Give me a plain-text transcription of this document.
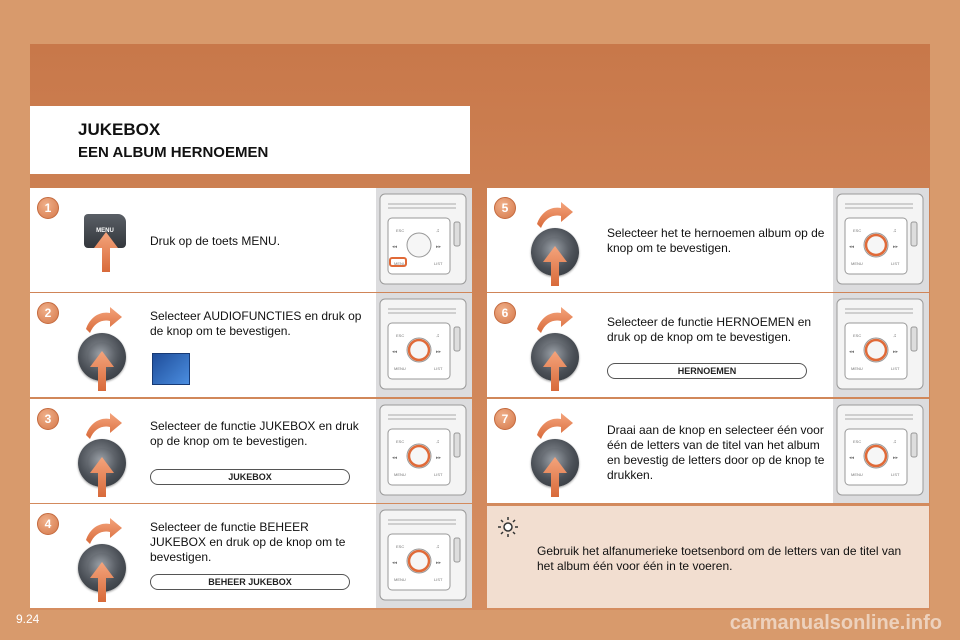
JUKEBOX
EEN ALBUM HERNOEMEN
1
MENU
Druk op de toets MENU.
2	Selecteer AUDIOFUNCTIES en druk op de knop om te bevestigen.
3	Selecteer de functie JUKEBOX en druk op de knop om te bevestigen.
JUKEBOX
4	Selecteer de functie BEHEER JUKEBOX en druk op de knop om te bevestigen.
BEHEER JUKEBOX
5
Selecteer het te hernoemen album op de knop om te bevestigen.
6
Selecteer de functie HERNOEMEN en druk op de knop om te bevestigen.
HERNOEMEN
7
Draai aan de knop en selecteer één voor één de letters van de titel van het album en bevestig de letters door op de knop te drukken.
Gebruik het alfanumerieke toetsenbord om de letters van de titel van het album één voor één in te voeren.
9.24	carmanualsonline.info
